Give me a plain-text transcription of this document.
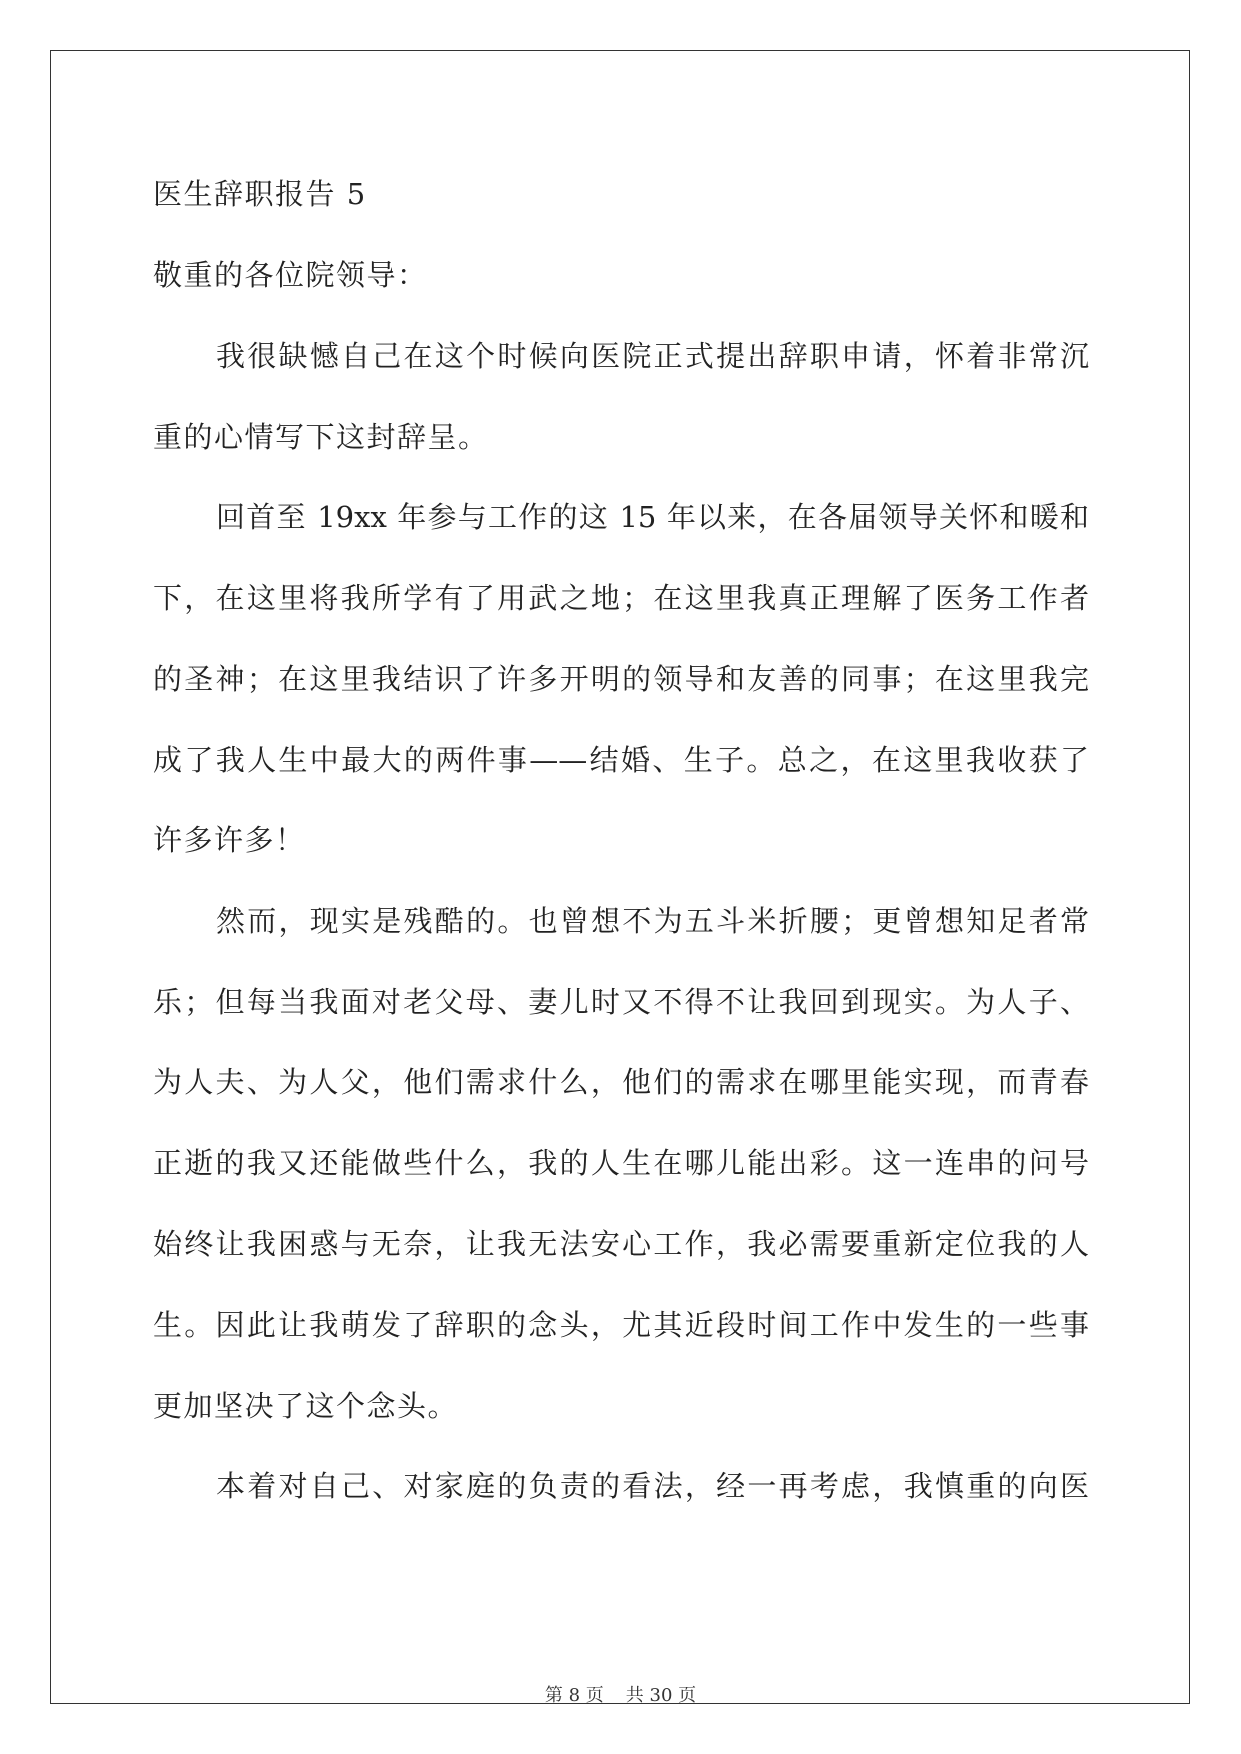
医生辞职报告 5

敬重的各位院领导：

我很缺憾自己在这个时候向医院正式提出辞职申请，怀着非常沉

重的心情写下这封辞呈。

回首至 19xx 年参与工作的这 15 年以来，在各届领导关怀和暖和

下，在这里将我所学有了用武之地；在这里我真正理解了医务工作者

的圣神；在这里我结识了许多开明的领导和友善的同事；在这里我完

成了我人生中最大的两件事——结婚、生子。总之，在这里我收获了

许多许多！

然而，现实是残酷的。也曾想不为五斗米折腰；更曾想知足者常

乐；但每当我面对老父母、妻儿时又不得不让我回到现实。为人子、

为人夫、为人父，他们需求什么，他们的需求在哪里能实现，而青春

正逝的我又还能做些什么，我的人生在哪儿能出彩。这一连串的问号

始终让我困惑与无奈，让我无法安心工作，我必需要重新定位我的人

生。因此让我萌发了辞职的念头，尤其近段时间工作中发生的一些事

更加坚决了这个念头。

本着对自己、对家庭的负责的看法，经一再考虑，我慎重的向医

第 8 页 共 30 页
